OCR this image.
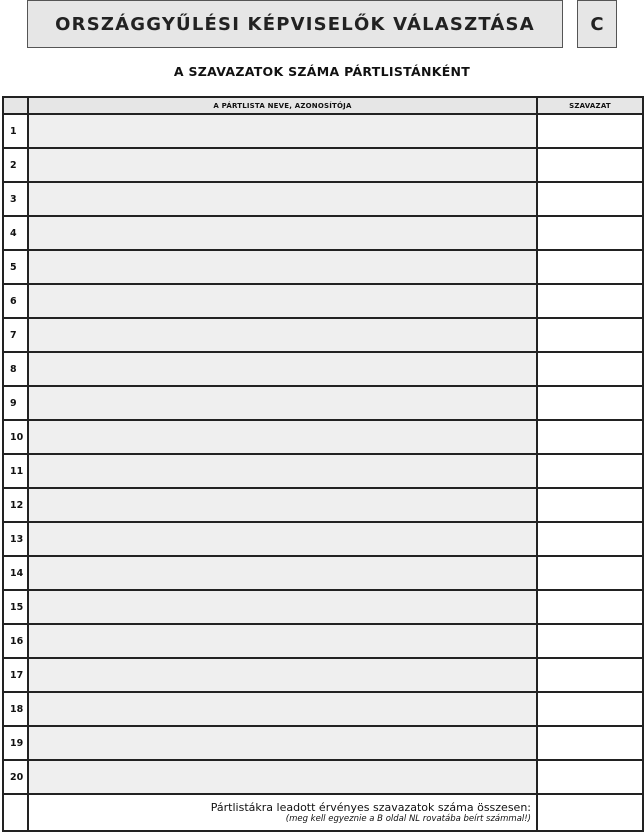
ORSZÁGGYŰLÉSI KÉPVISELŐK VÁLASZTÁSA	C
A SZAVAZATOK SZÁMA PÁRTLISTÁNKÉNT
	A PÁRTLISTA NEVE, AZONOSÍTÓJA	SZAVAZAT
1		
2		
3		
4		
5		
6		
7		
8		
9		
10		
11		
12		
13		
14		
15		
16		
17		
18		
19		
20		

	Pártlistákra leadott érvényes szavazatok száma összesen:
(meg kell egyeznie a B oldal NL rovatába beírt számmal!)	
